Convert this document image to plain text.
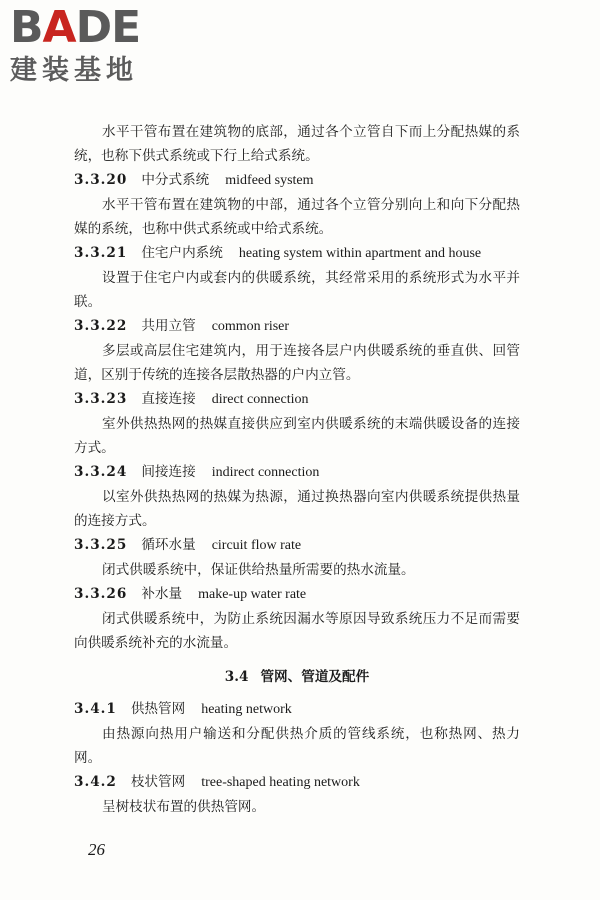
BADE
建装基地

水平干管布置在建筑物的底部，通过各个立管自下而上分配热媒的系统，也称下供式系统或下行上给式系统。

3.3.20 中分式系统 midfeed system

水平干管布置在建筑物的中部，通过各个立管分别向上和向下分配热媒的系统，也称中供式系统或中给式系统。

3.3.21 住宅户内系统 heating system within apartment and house

设置于住宅户内或套内的供暖系统，其经常采用的系统形式为水平并联。

3.3.22 共用立管 common riser

多层或高层住宅建筑内，用于连接各层户内供暖系统的垂直供、回管道，区别于传统的连接各层散热器的户内立管。

3.3.23 直接连接 direct connection

室外供热热网的热媒直接供应到室内供暖系统的末端供暖设备的连接方式。

3.3.24 间接连接 indirect connection

以室外供热热网的热媒为热源，通过换热器向室内供暖系统提供热量的连接方式。

3.3.25 循环水量 circuit flow rate

闭式供暖系统中，保证供给热量所需要的热水流量。

3.3.26 补水量 make-up water rate

闭式供暖系统中，为防止系统因漏水等原因导致系统压力不足而需要向供暖系统补充的水流量。

3.4 管网、管道及配件

3.4.1 供热管网 heating network

由热源向热用户输送和分配供热介质的管线系统，也称热网、热力网。

3.4.2 枝状管网 tree-shaped heating network

呈树枝状布置的供热管网。

26
